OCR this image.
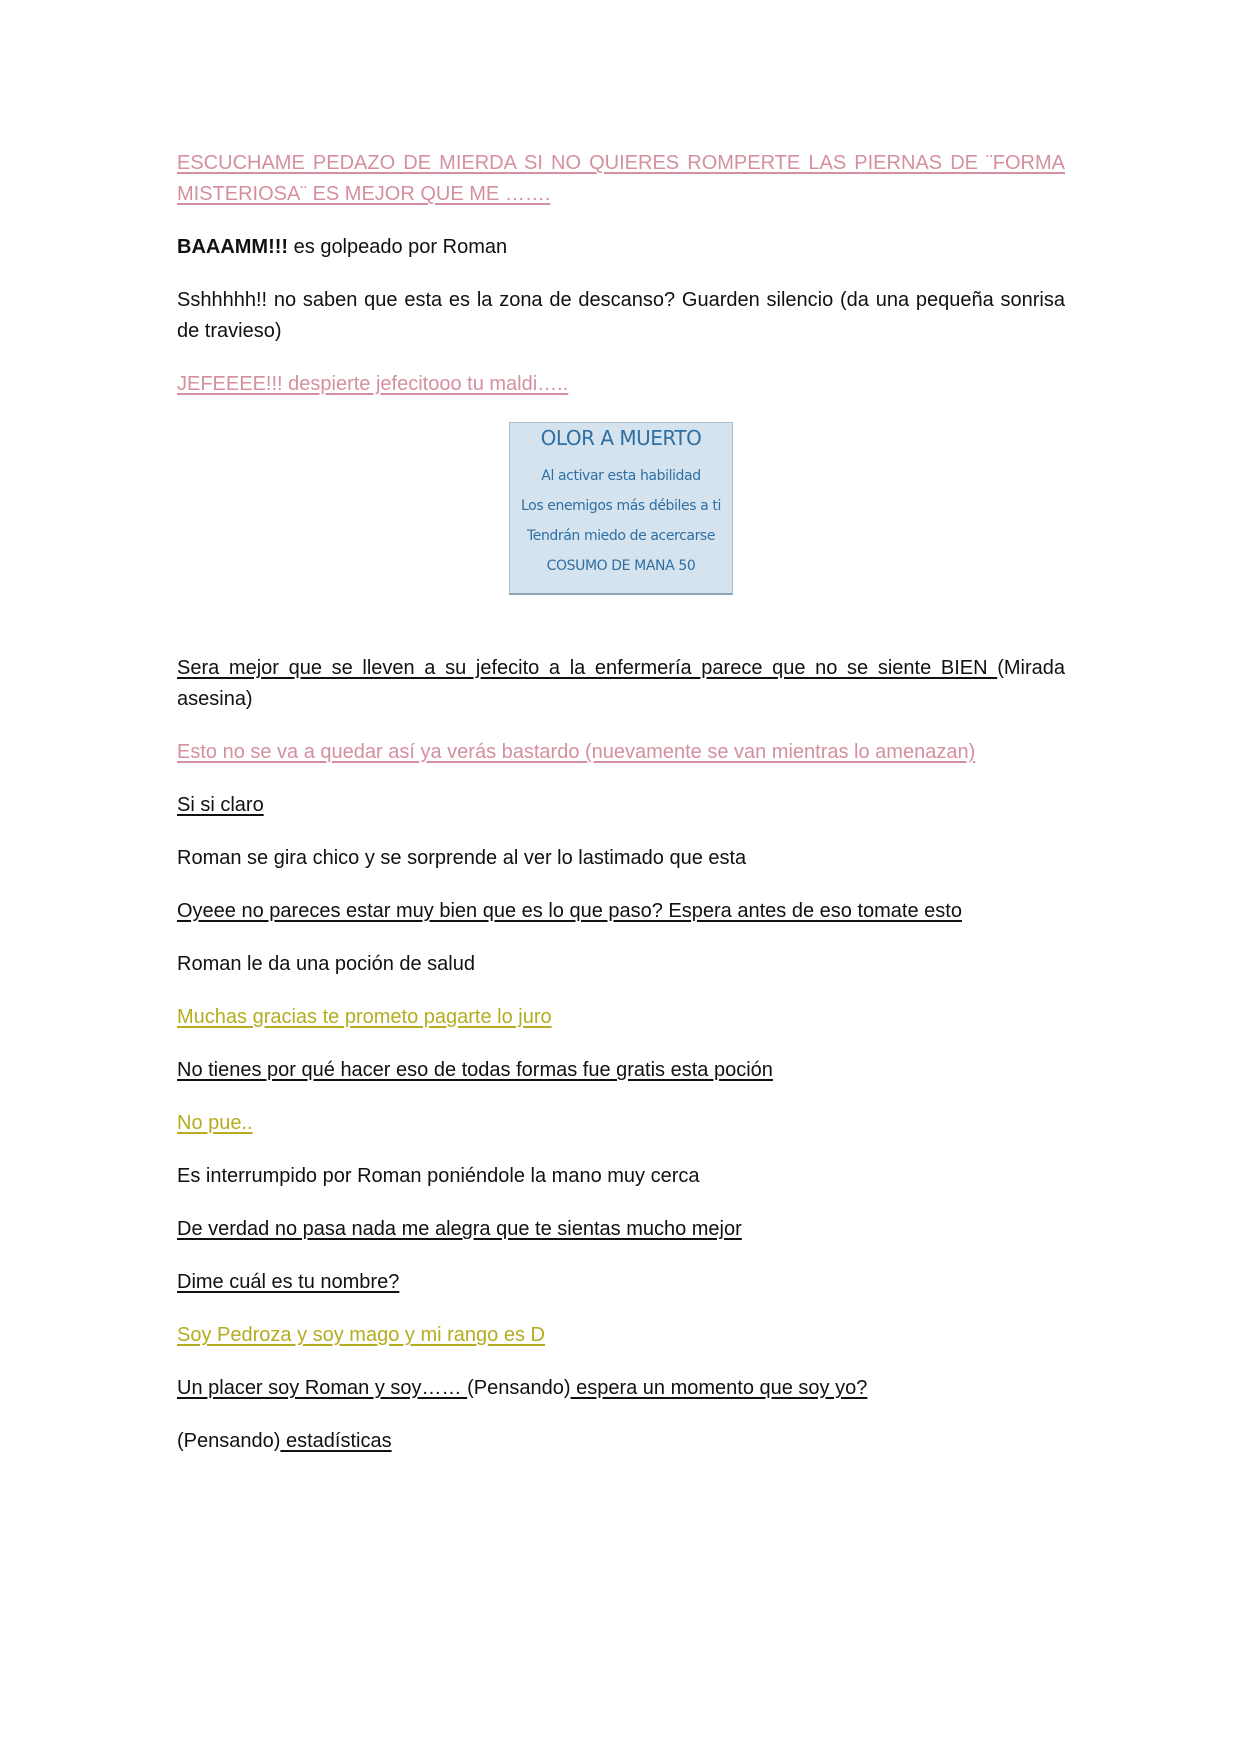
ESCUCHAME PEDAZO DE MIERDA SI NO QUIERES ROMPERTE LAS PIERNAS DE ¨FORMA MISTERIOSA¨ ES MEJOR QUE ME …….

BAAAMM!!! es golpeado por Roman

Sshhhhh!! no saben que esta es la zona de descanso? Guarden silencio (da una pequeña sonrisa de travieso)

JEFEEEE!!! despierte jefecitooo tu maldi…..

OLOR A MUERTO
Al activar esta habilidad
Los enemigos más débiles a ti
Tendrán miedo de acercarse
COSUMO DE MANA 50

Sera mejor que se lleven a su jefecito a la enfermería parece que no se siente BIEN (Mirada asesina)

Esto no se va a quedar así ya verás bastardo (nuevamente se van mientras lo amenazan)

Si si claro

Roman se gira chico y se sorprende al ver lo lastimado que esta

Oyeee no pareces estar muy bien que es lo que paso? Espera antes de eso tomate esto

Roman le da una poción de salud

Muchas gracias te prometo pagarte lo juro

No tienes por qué hacer eso de todas formas fue gratis esta poción

No pue..

Es interrumpido por Roman poniéndole la mano muy cerca

De verdad no pasa nada me alegra que te sientas mucho mejor

Dime cuál es tu nombre?

Soy Pedroza y soy mago y mi rango es D

Un placer soy Roman y soy…… (Pensando) espera un momento que soy yo?

(Pensando) estadísticas
